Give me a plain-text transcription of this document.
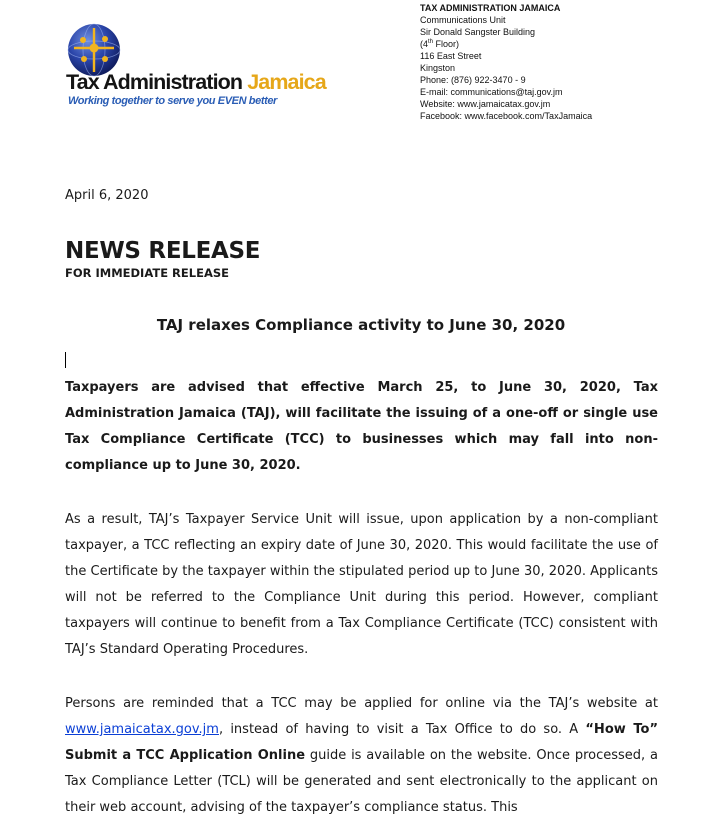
Tax Administration Jamaica
Working together to serve you EVEN better
TAX ADMINISTRATION JAMAICA
Communications Unit
Sir Donald Sangster Building
(4th Floor)
116 East Street
Kingston
Phone: (876) 922-3470 - 9
E-mail: communications@taj.gov.jm
Website: www.jamaicatax.gov.jm
Facebook: www.facebook.com/TaxJamaica
April 6, 2020
NEWS RELEASE
FOR IMMEDIATE RELEASE
TAJ relaxes Compliance activity to June 30, 2020

Taxpayers are advised that effective March 25, to June 30, 2020, Tax Administration Jamaica (TAJ), will facilitate the issuing of a one-off or single use Tax Compliance Certificate (TCC) to businesses which may fall into non-compliance up to June 30, 2020.

As a result, TAJ’s Taxpayer Service Unit will issue, upon application by a non-compliant taxpayer, a TCC reflecting an expiry date of June 30, 2020. This would facilitate the use of the Certificate by the taxpayer within the stipulated period up to June 30, 2020. Applicants will not be referred to the Compliance Unit during this period. However, compliant taxpayers will continue to benefit from a Tax Compliance Certificate (TCC) consistent with TAJ’s Standard Operating Procedures.

Persons are reminded that a TCC may be applied for online via the TAJ’s website at www.jamaicatax.gov.jm, instead of having to visit a Tax Office to do so. A “How To” Submit a TCC Application Online guide is available on the website. Once processed, a Tax Compliance Letter (TCL) will be generated and sent electronically to the applicant on their web account, advising of the taxpayer’s compliance status. This
